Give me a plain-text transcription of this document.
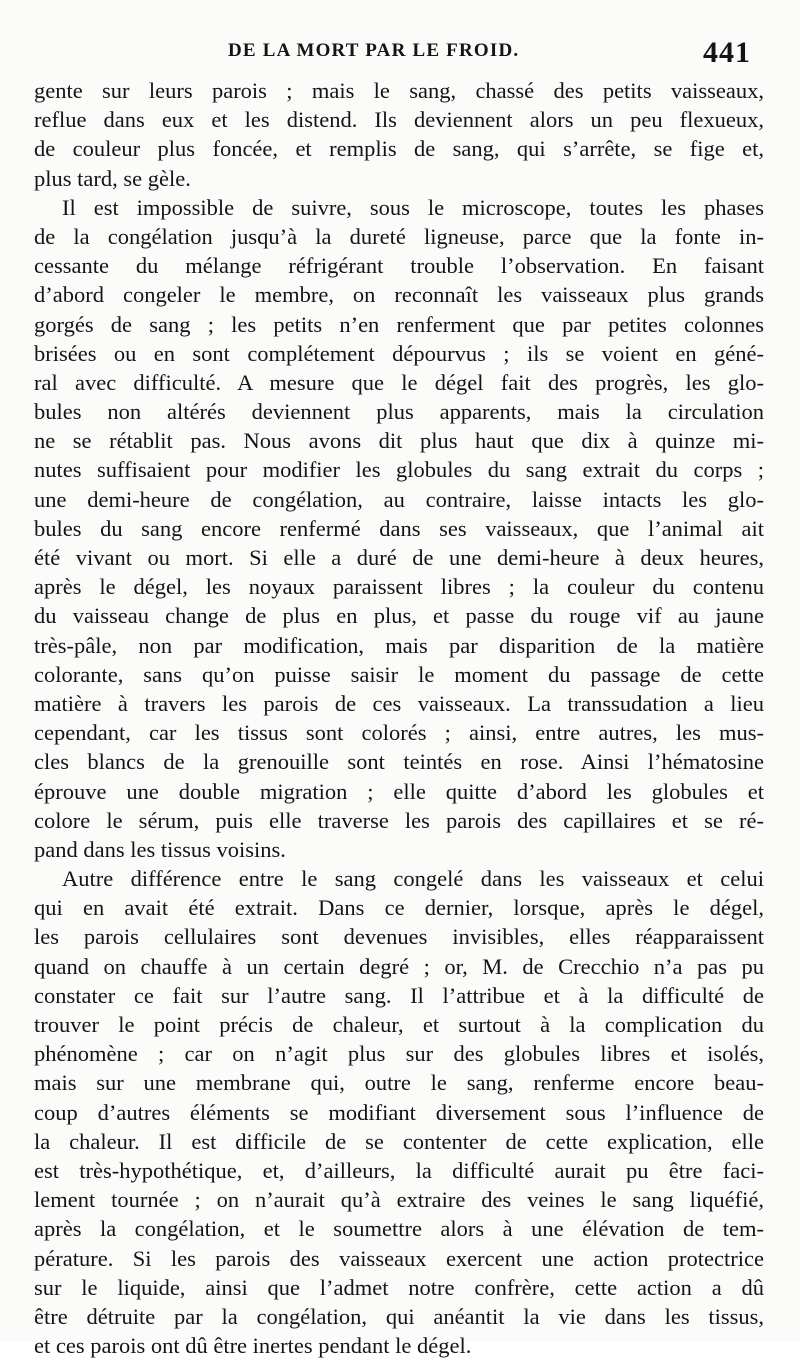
DE LA MORT PAR LE FROID.	441
gente sur leurs parois ; mais le sang, chassé des petits vaisseaux,
reflue dans eux et les distend. Ils deviennent alors un peu flexueux,
de couleur plus foncée, et remplis de sang, qui s’arrête, se fige et,
plus tard, se gèle.
Il est impossible de suivre, sous le microscope, toutes les phases
de la congélation jusqu’à la dureté ligneuse, parce que la fonte in-
cessante du mélange réfrigérant trouble l’observation. En faisant
d’abord congeler le membre, on reconnaît les vaisseaux plus grands
gorgés de sang ; les petits n’en renferment que par petites colonnes
brisées ou en sont complétement dépourvus ; ils se voient en géné-
ral avec difficulté. A mesure que le dégel fait des progrès, les glo-
bules non altérés deviennent plus apparents, mais la circulation
ne se rétablit pas. Nous avons dit plus haut que dix à quinze mi-
nutes suffisaient pour modifier les globules du sang extrait du corps ;
une demi-heure de congélation, au contraire, laisse intacts les glo-
bules du sang encore renfermé dans ses vaisseaux, que l’animal ait
été vivant ou mort. Si elle a duré de une demi-heure à deux heures,
après le dégel, les noyaux paraissent libres ; la couleur du contenu
du vaisseau change de plus en plus, et passe du rouge vif au jaune
très-pâle, non par modification, mais par disparition de la matière
colorante, sans qu’on puisse saisir le moment du passage de cette
matière à travers les parois de ces vaisseaux. La transsudation a lieu
cependant, car les tissus sont colorés ; ainsi, entre autres, les mus-
cles blancs de la grenouille sont teintés en rose. Ainsi l’hématosine
éprouve une double migration ; elle quitte d’abord les globules et
colore le sérum, puis elle traverse les parois des capillaires et se ré-
pand dans les tissus voisins.
Autre différence entre le sang congelé dans les vaisseaux et celui
qui en avait été extrait. Dans ce dernier, lorsque, après le dégel,
les parois cellulaires sont devenues invisibles, elles réapparaissent
quand on chauffe à un certain degré ; or, M. de Crecchio n’a pas pu
constater ce fait sur l’autre sang. Il l’attribue et à la difficulté de
trouver le point précis de chaleur, et surtout à la complication du
phénomène ; car on n’agit plus sur des globules libres et isolés,
mais sur une membrane qui, outre le sang, renferme encore beau-
coup d’autres éléments se modifiant diversement sous l’influence de
la chaleur. Il est difficile de se contenter de cette explication, elle
est très-hypothétique, et, d’ailleurs, la difficulté aurait pu être faci-
lement tournée ; on n’aurait qu’à extraire des veines le sang liquéfié,
après la congélation, et le soumettre alors à une élévation de tem-
pérature. Si les parois des vaisseaux exercent une action protectrice
sur le liquide, ainsi que l’admet notre confrère, cette action a dû
être détruite par la congélation, qui anéantit la vie dans les tissus,
et ces parois ont dû être inertes pendant le dégel.
